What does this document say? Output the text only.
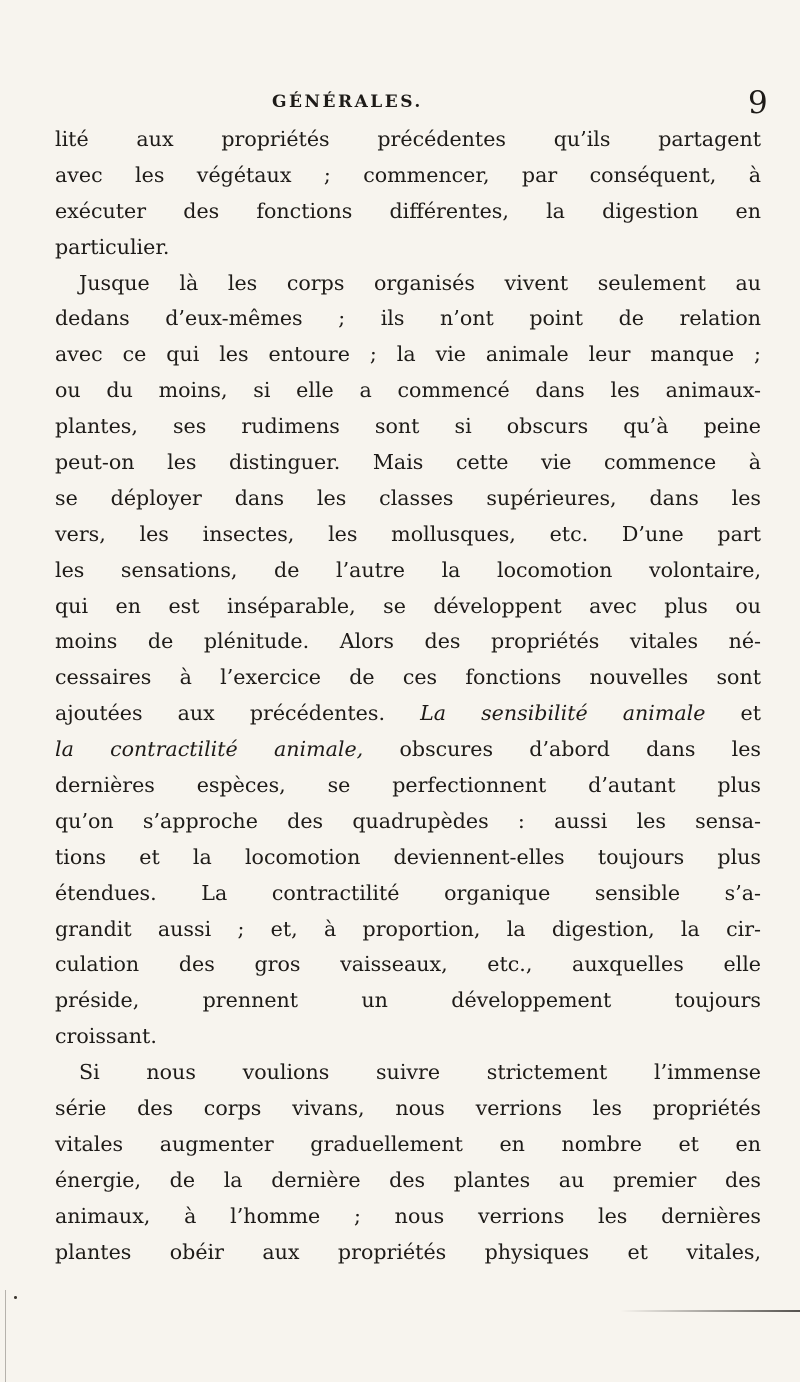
GÉNÉRALES.	9
lité aux propriétés précédentes qu’ils partagent
avec les végétaux ; commencer, par conséquent, à
exécuter des fonctions différentes, la digestion en
particulier.
Jusque là les corps organisés vivent seulement au
dedans d’eux-mêmes ; ils n’ont point de relation
avec ce qui les entoure ; la vie animale leur manque ;
ou du moins, si elle a commencé dans les animaux-
plantes, ses rudimens sont si obscurs qu’à peine
peut-on les distinguer. Mais cette vie commence à
se déployer dans les classes supérieures, dans les
vers, les insectes, les mollusques, etc. D’une part
les sensations, de l’autre la locomotion volontaire,
qui en est inséparable, se développent avec plus ou
moins de plénitude. Alors des propriétés vitales né-
cessaires à l’exercice de ces fonctions nouvelles sont
ajoutées aux précédentes. La sensibilité animale et
la contractilité animale, obscures d’abord dans les
dernières espèces, se perfectionnent d’autant plus
qu’on s’approche des quadrupèdes : aussi les sensa-
tions et la locomotion deviennent-elles toujours plus
étendues. La contractilité organique sensible s’a-
grandit aussi ; et, à proportion, la digestion, la cir-
culation des gros vaisseaux, etc., auxquelles elle
préside, prennent un développement toujours
croissant.
Si nous voulions suivre strictement l’immense
série des corps vivans, nous verrions les propriétés
vitales augmenter graduellement en nombre et en
énergie, de la dernière des plantes au premier des
animaux, à l’homme ; nous verrions les dernières
plantes obéir aux propriétés physiques et vitales,
